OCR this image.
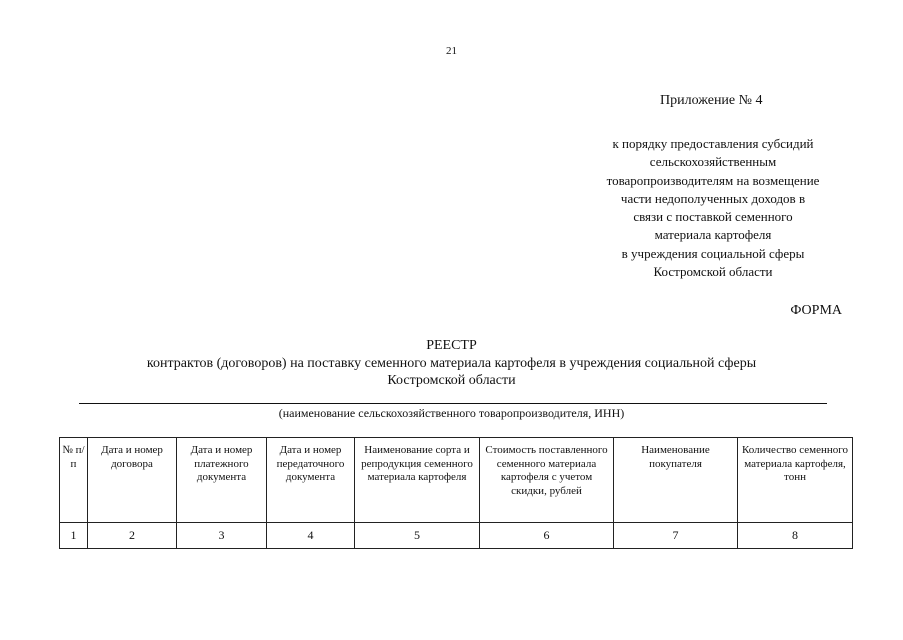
21
Приложение № 4
к порядку предоставления субсидий
сельскохозяйственным
товаропроизводителям на возмещение
части недополученных доходов в
связи с поставкой семенного
материала картофеля
в учреждения социальной сферы
Костромской области
ФОРМА
РЕЕСТР
контрактов (договоров) на поставку семенного материала картофеля в учреждения социальной сферы
Костромской области
(наименование сельскохозяйственного товаропроизводителя, ИНН)
№ п/п	Дата и номер договора	Дата и номер платежного документа	Дата и номер передаточного документа	Наименование сорта и репродукция семенного материала картофеля	Стоимость поставленного семенного материала картофеля с учетом скидки, рублей	Наименование покупателя	Количество семенного материала картофеля, тонн
1	2	3	4	5	6	7	8
